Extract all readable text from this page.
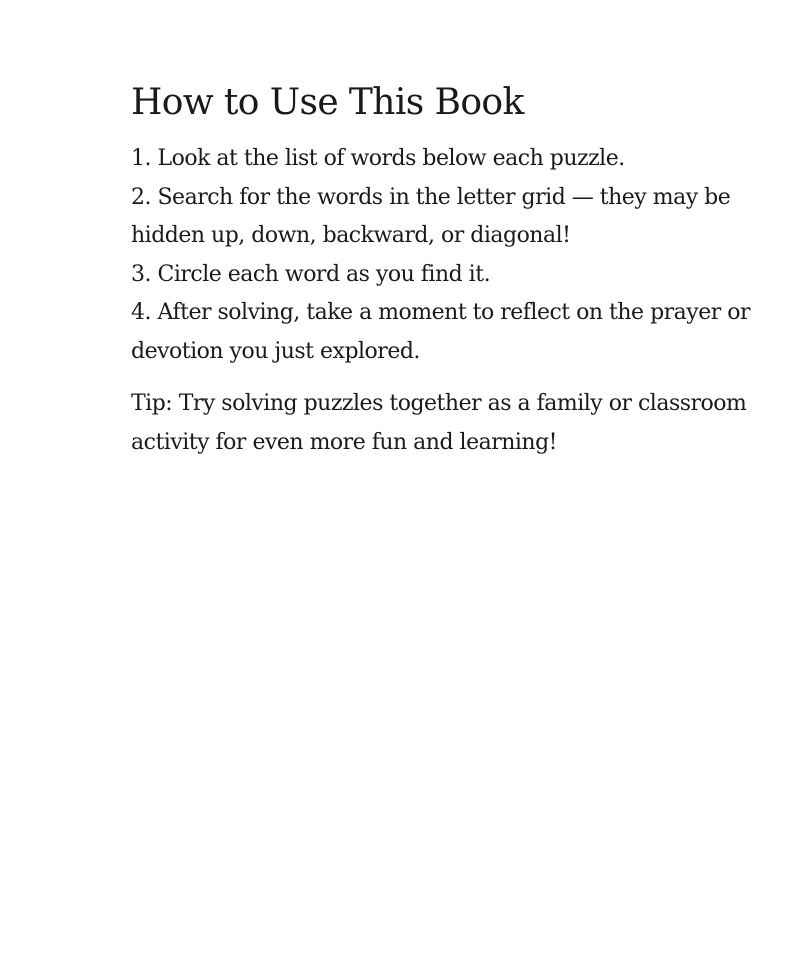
How to Use This Book
1. Look at the list of words below each puzzle.
2. Search for the words in the letter grid — they may be hidden up, down, backward, or diagonal!
3. Circle each word as you find it.
4. After solving, take a moment to reflect on the prayer or devotion you just explored.

Tip: Try solving puzzles together as a family or classroom activity for even more fun and learning!
